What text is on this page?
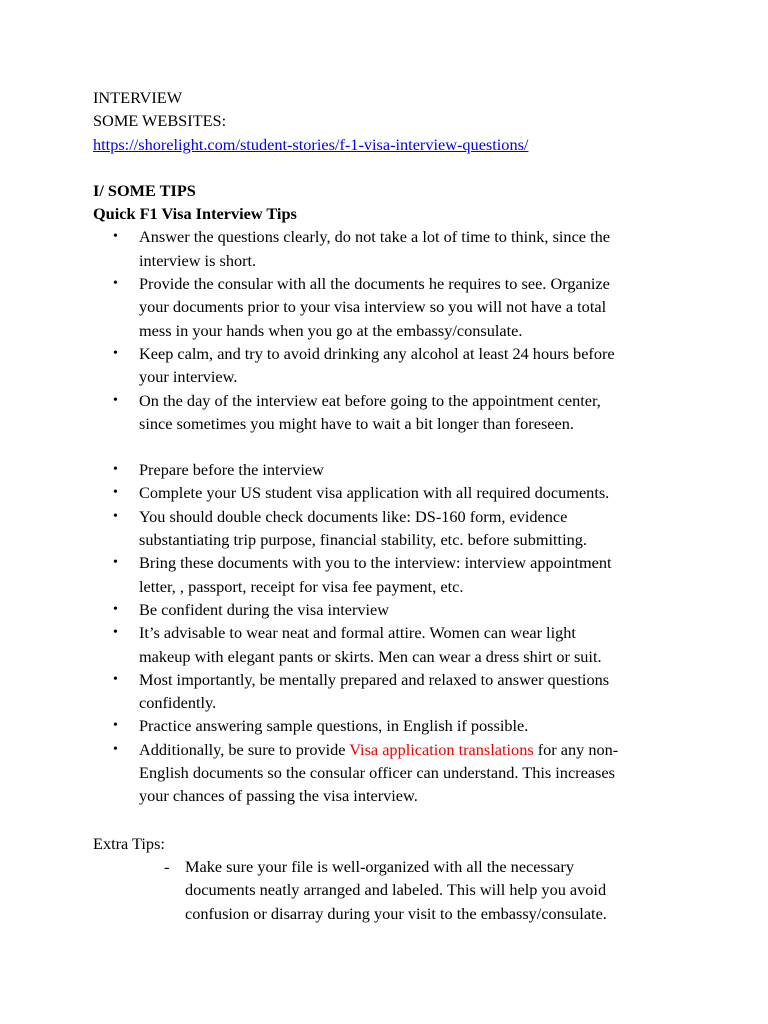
INTERVIEW
SOME WEBSITES:
https://shorelight.com/student-stories/f-1-visa-interview-questions/
I/ SOME TIPS
Quick F1 Visa Interview Tips
• Answer the questions clearly, do not take a lot of time to think, since the
interview is short.
• Provide the consular with all the documents he requires to see. Organize
your documents prior to your visa interview so you will not have a total
mess in your hands when you go at the embassy/consulate.
• Keep calm, and try to avoid drinking any alcohol at least 24 hours before
your interview.
• On the day of the interview eat before going to the appointment center,
since sometimes you might have to wait a bit longer than foreseen.
• Prepare before the interview
• Complete your US student visa application with all required documents.
• You should double check documents like: DS-160 form, evidence
substantiating trip purpose, financial stability, etc. before submitting.
• Bring these documents with you to the interview: interview appointment
letter, , passport, receipt for visa fee payment, etc.
• Be confident during the visa interview
• It’s advisable to wear neat and formal attire. Women can wear light
makeup with elegant pants or skirts. Men can wear a dress shirt or suit.
• Most importantly, be mentally prepared and relaxed to answer questions
confidently.
• Practice answering sample questions, in English if possible.
• Additionally, be sure to provide Visa application translations for any non-
English documents so the consular officer can understand. This increases
your chances of passing the visa interview.
Extra Tips:
- Make sure your file is well-organized with all the necessary
documents neatly arranged and labeled. This will help you avoid
confusion or disarray during your visit to the embassy/consulate.
